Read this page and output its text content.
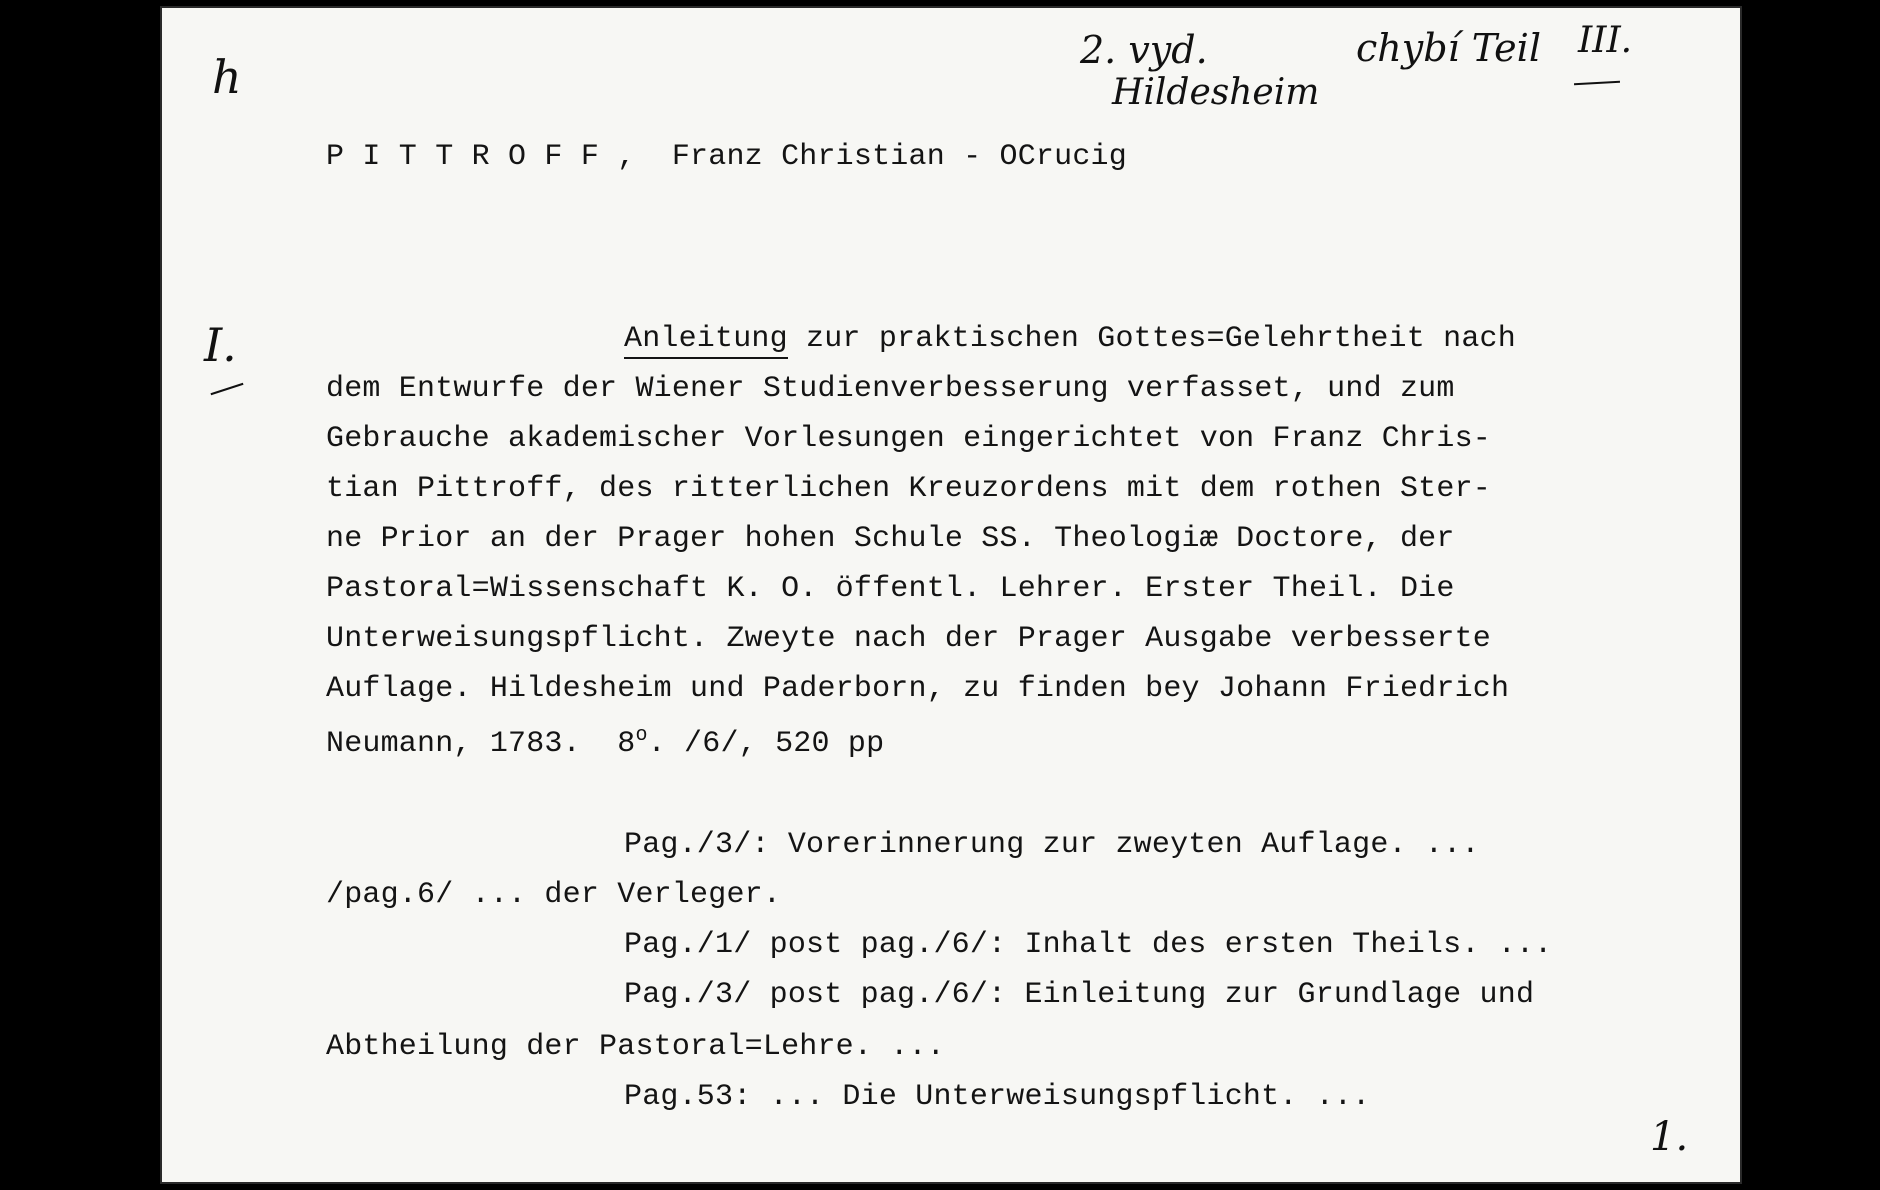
h	2. vyd.
Hildesheim
chybí Teil III.
I.
1.
P I T T R O F F , Franz Christian - OCrucig
Anleitung zur praktischen Gottes=Gelehrtheit nach
dem Entwurfe der Wiener Studienverbesserung verfasset, und zum
Gebrauche akademischer Vorlesungen eingerichtet von Franz Chris-
tian Pittroff, des ritterlichen Kreuzordens mit dem rothen Ster-
ne Prior an der Prager hohen Schule SS. Theologiæ Doctore, der
Pastoral=Wissenschaft K. O. öffentl. Lehrer. Erster Theil. Die
Unterweisungspflicht. Zweyte nach der Prager Ausgabe verbesserte
Auflage. Hildesheim und Paderborn, zu finden bey Johann Friedrich
Neumann, 1783.  8$^o$. /6/, 520 pp
Pag./3/: Vorerinnerung zur zweyten Auflage. ...
/pag.6/ ... der Verleger.
Pag./1/ post pag./6/: Inhalt des ersten Theils. ...
Pag./3/ post pag./6/: Einleitung zur Grundlage und
Abtheilung der Pastoral=Lehre. ...
Pag.53: ... Die Unterweisungspflicht. ...
